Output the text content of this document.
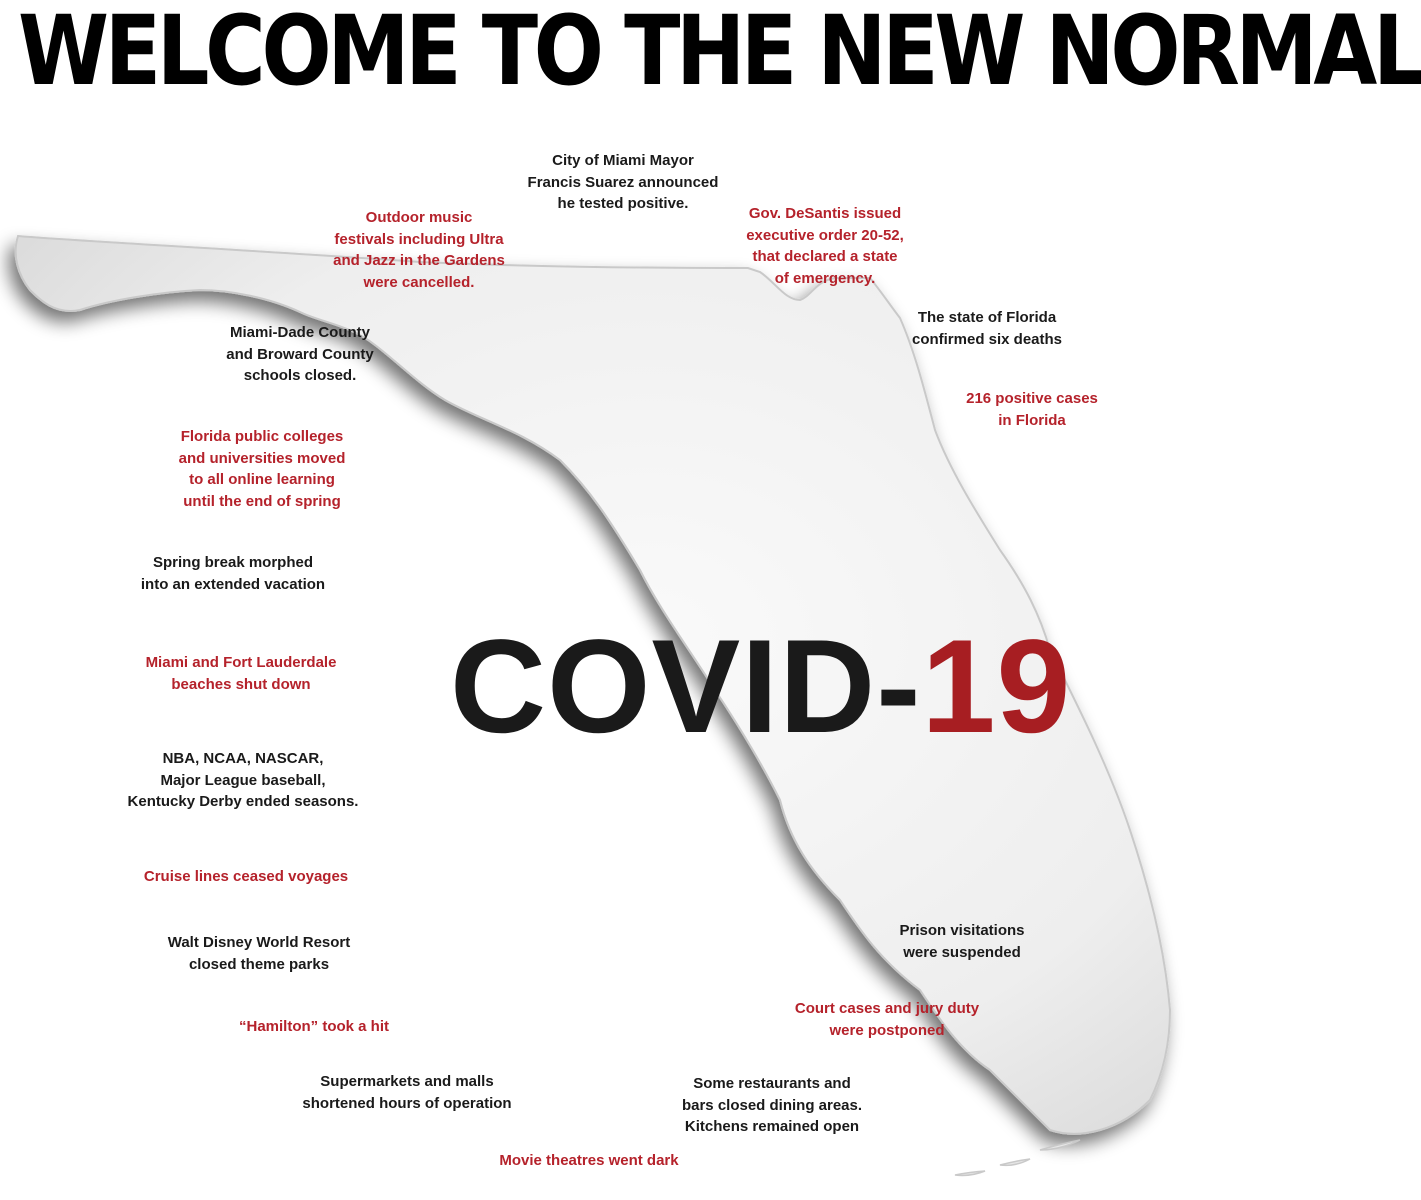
WELCOME TO THE NEW NORMAL
COVID-19
City of Miami Mayor
Francis Suarez announced
he tested positive.
Outdoor music
festivals including Ultra
and Jazz in the Gardens
were cancelled.
Gov. DeSantis issued
executive order 20-52,
that declared a state
of emergency.
Miami-Dade County
and Broward County
schools closed.
The state of Florida
confirmed six deaths
216 positive cases
in Florida
Florida public colleges
and universities moved
to all online learning
until the end of spring
Spring break morphed
into an extended vacation
Miami and Fort Lauderdale
beaches shut down
NBA, NCAA, NASCAR,
Major League baseball,
Kentucky Derby ended seasons.
Cruise lines ceased voyages
Walt Disney World Resort
closed theme parks
Prison visitations
were suspended
“Hamilton” took a hit
Court cases and jury duty
were postponed
Supermarkets and malls
shortened hours of operation
Some restaurants and
bars closed dining areas.
Kitchens remained open
Movie theatres went dark
